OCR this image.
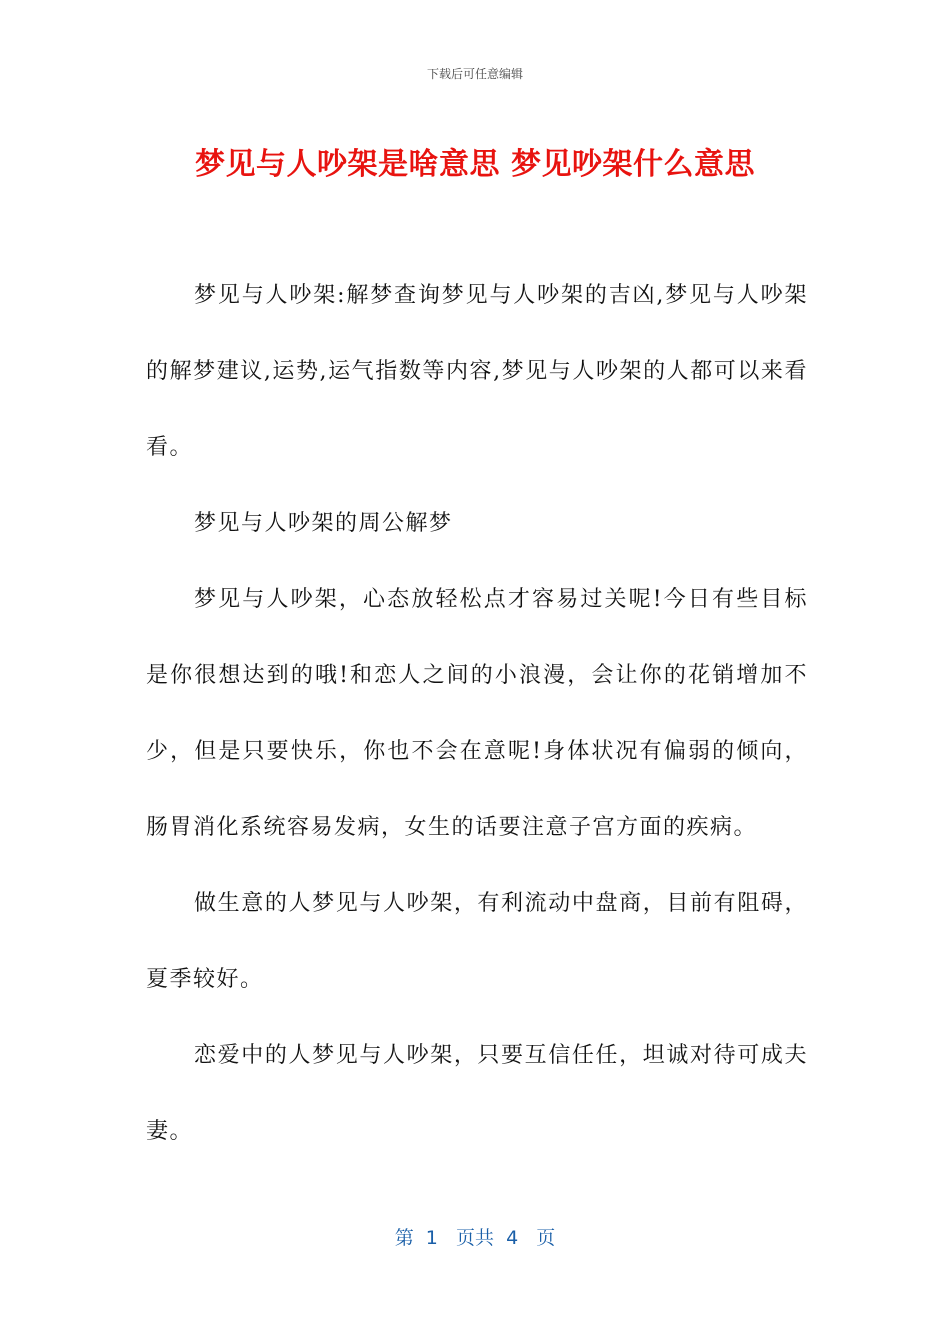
下载后可任意编辑
梦见与人吵架是啥意思 梦见吵架什么意思

梦见与人吵架:解梦查询梦见与人吵架的吉凶,梦见与人吵架的解梦建议,运势,运气指数等内容,梦见与人吵架的人都可以来看看。

梦见与人吵架的周公解梦

梦见与人吵架，心态放轻松点才容易过关呢!今日有些目标是你很想达到的哦!和恋人之间的小浪漫，会让你的花销增加不少，但是只要快乐，你也不会在意呢!身体状况有偏弱的倾向，肠胃消化系统容易发病，女生的话要注意子宫方面的疾病。

做生意的人梦见与人吵架，有利流动中盘商，目前有阻碍，夏季较好。

恋爱中的人梦见与人吵架，只要互信任任，坦诚对待可成夫妻。

第  1   页共  4   页
